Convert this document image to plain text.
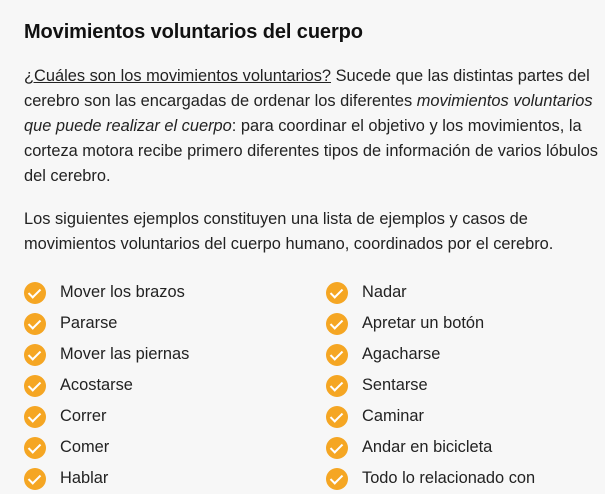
Movimientos voluntarios del cuerpo

¿Cuáles son los movimientos voluntarios? Sucede que las distintas partes del cerebro son las encargadas de ordenar los diferentes movimientos voluntarios que puede realizar el cuerpo: para coordinar el objetivo y los movimientos, la corteza motora recibe primero diferentes tipos de información de varios lóbulos del cerebro.

Los siguientes ejemplos constituyen una lista de ejemplos y casos de movimientos voluntarios del cuerpo humano, coordinados por el cerebro.

Mover los brazos
Pararse
Mover las piernas
Acostarse
Correr
Comer
Hablar
Nadar
Apretar un botón
Agacharse
Sentarse
Caminar
Andar en bicicleta
Todo lo relacionado con
